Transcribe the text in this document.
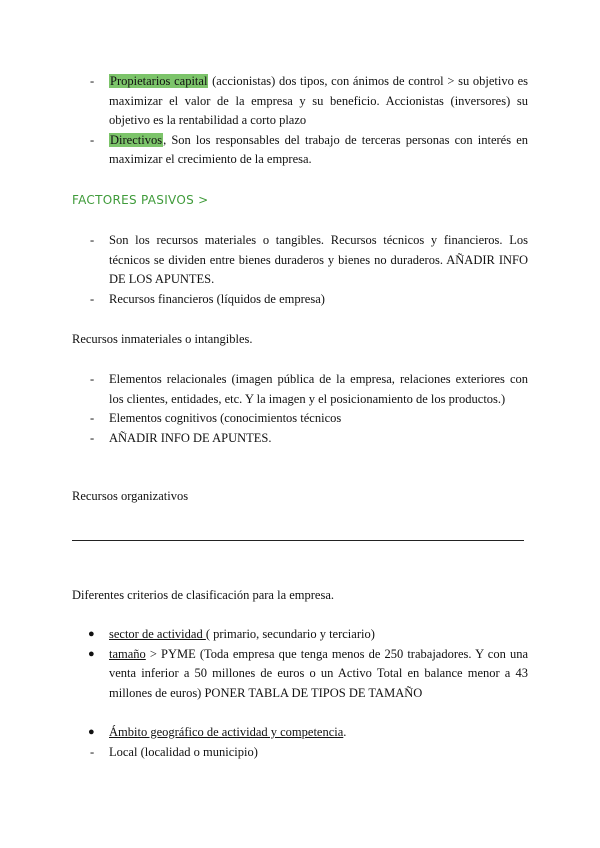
- Propietarios capital (accionistas) dos tipos, con ánimos de control > su objetivo es maximizar el valor de la empresa y su beneficio. Accionistas (inversores) su objetivo es la rentabilidad a corto plazo
- Directivos, Son los responsables del trabajo de terceras personas con interés en maximizar el crecimiento de la empresa.
FACTORES PASIVOS >
- Son los recursos materiales o tangibles. Recursos técnicos y financieros. Los técnicos se dividen entre bienes duraderos y bienes no duraderos. AÑADIR INFO DE LOS APUNTES.
- Recursos financieros (líquidos de empresa)
Recursos inmateriales o intangibles.
- Elementos relacionales (imagen pública de la empresa, relaciones exteriores con los clientes, entidades, etc. Y la imagen y el posicionamiento de los productos.)
- Elementos cognitivos (conocimientos técnicos
- AÑADIR INFO DE APUNTES.
Recursos organizativos
Diferentes criterios de clasificación para la empresa.
● sector de actividad ( primario, secundario y terciario)
● tamaño > PYME (Toda empresa que tenga menos de 250 trabajadores. Y con una venta inferior a 50 millones de euros o un Activo Total en balance menor a 43 millones de euros) PONER TABLA DE TIPOS DE TAMAÑO
● Ámbito geográfico de actividad y competencia.
- Local (localidad o municipio)
